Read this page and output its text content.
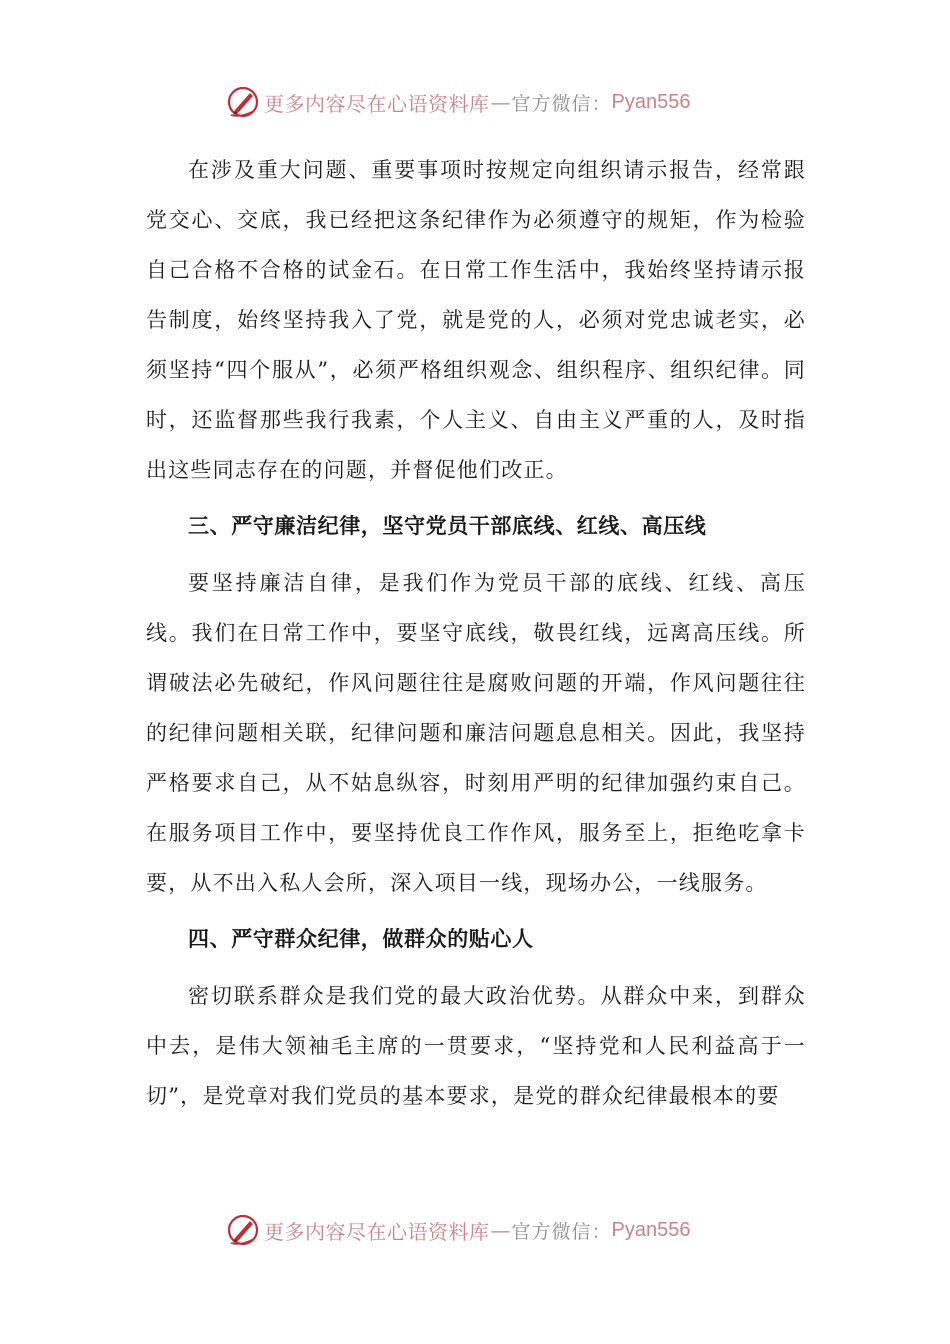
更多内容尽在心语资料库 — 官方微信： Pyan556

在涉及重大问题、重要事项时按规定向组织请示报告，经常跟党交心、交底，我已经把这条纪律作为必须遵守的规矩，作为检验自己合格不合格的试金石。在日常工作生活中，我始终坚持请示报告制度，始终坚持我入了党，就是党的人，必须对党忠诚老实，必须坚持“四个服从”，必须严格组织观念、组织程序、组织纪律。同时，还监督那些我行我素，个人主义、自由主义严重的人，及时指出这些同志存在的问题，并督促他们改正。

三、严守廉洁纪律，坚守党员干部底线、红线、高压线

要坚持廉洁自律，是我们作为党员干部的底线、红线、高压线。我们在日常工作中，要坚守底线，敬畏红线，远离高压线。所谓破法必先破纪，作风问题往往是腐败问题的开端，作风问题往往的纪律问题相关联，纪律问题和廉洁问题息息相关。因此，我坚持严格要求自己，从不姑息纵容，时刻用严明的纪律加强约束自己。在服务项目工作中，要坚持优良工作作风，服务至上，拒绝吃拿卡要，从不出入私人会所，深入项目一线，现场办公，一线服务。

四、严守群众纪律，做群众的贴心人

密切联系群众是我们党的最大政治优势。从群众中来，到群众中去，是伟大领袖毛主席的一贯要求，“坚持党和人民利益高于一切”，是党章对我们党员的基本要求，是党的群众纪律最根本的要

更多内容尽在心语资料库 — 官方微信： Pyan556
